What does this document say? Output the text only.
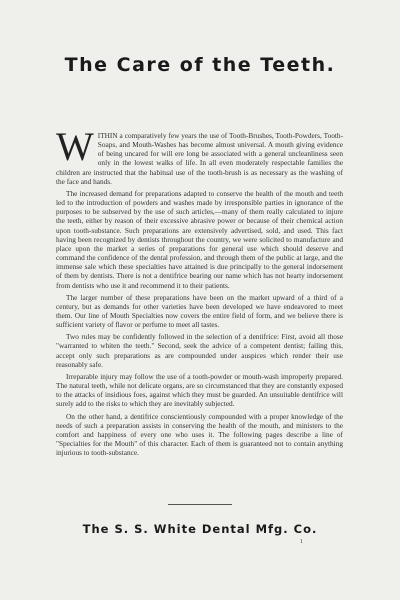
The Care of the Teeth.

WITHIN a comparatively few years the use of Tooth-Brushes, Tooth-Powders, Tooth-Soaps, and Mouth-Washes has become almost universal. A mouth giving evidence of being uncared for will ere long be associated with a general uncleanliness seen only in the lowest walks of life. In all even moderately respectable families the children are instructed that the habitual use of the tooth-brush is as necessary as the washing of the face and hands.

The increased demand for preparations adapted to conserve the health of the mouth and teeth led to the introduction of powders and washes made by irresponsible parties in ignorance of the purposes to be subserved by the use of such articles,—many of them really calculated to injure the teeth, either by reason of their excessive abrasive power or because of their chemical action upon tooth-substance. Such preparations are extensively advertised, sold, and used. This fact having been recognized by dentists throughout the country, we were solicited to manufacture and place upon the market a series of preparations for general use which should deserve and command the confidence of the dental profession, and through them of the public at large, and the immense sale which these specialties have attained is due principally to the general indorsement of them by dentists. There is not a dentifrice bearing our name which has not hearty indorsement from dentists who use it and recommend it to their patients.

The larger number of these preparations have been on the market upward of a third of a century, but as demands for other varieties have been developed we have endeavored to meet them. Our line of Mouth Specialties now covers the entire field of form, and we believe there is sufficient variety of flavor or perfume to meet all tastes.

Two rules may be confidently followed in the selection of a dentifrice: First, avoid all those "warranted to whiten the teeth." Second, seek the advice of a competent dentist; failing this, accept only such preparations as are compounded under auspices which render their use reasonably safe.

Irreparable injury may follow the use of a tooth-powder or mouth-wash improperly prepared. The natural teeth, while not delicate organs, are so circumstanced that they are constantly exposed to the attacks of insidious foes, against which they must be guarded. An unsuitable dentifrice will surely add to the risks to which they are inevitably subjected.

On the other hand, a dentifrice conscientiously compounded with a proper knowledge of the needs of such a preparation assists in conserving the health of the mouth, and ministers to the comfort and happiness of every one who uses it. The following pages describe a line of "Specialties for the Mouth" of this character. Each of them is guaranteed not to contain anything injurious to tooth-substance.

The S. S. White Dental Mfg. Co.
1
